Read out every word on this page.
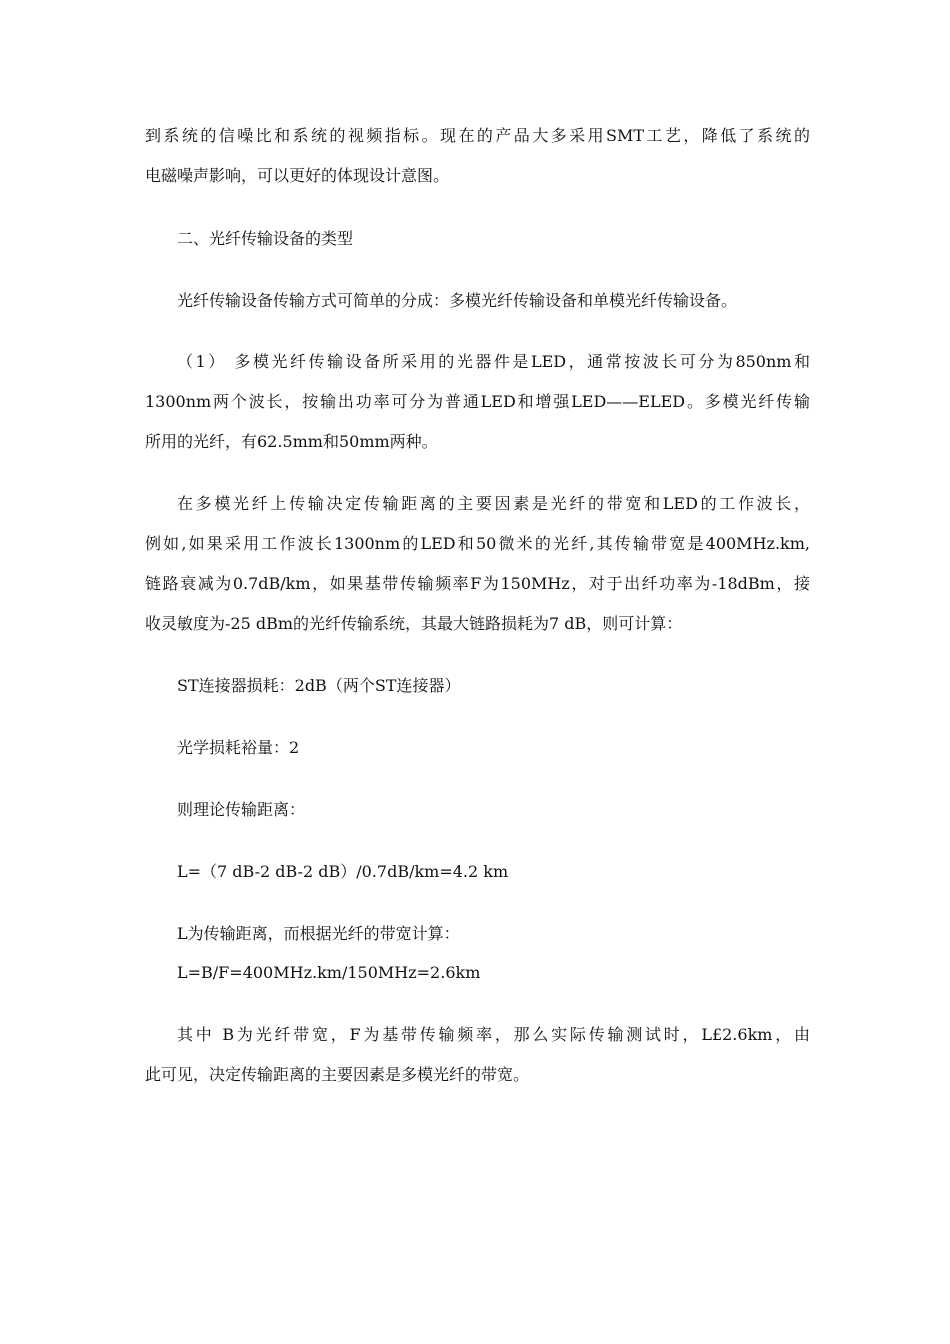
到系统的信噪比和系统的视频指标。现在的产品大多采用SMT工艺，降低了系统的
电磁噪声影响，可以更好的体现设计意图。
二、光纤传输设备的类型
光纤传输设备传输方式可简单的分成：多模光纤传输设备和单模光纤传输设备。
（1） 多模光纤传输设备所采用的光器件是LED，通常按波长可分为850nm和
1300nm两个波长，按输出功率可分为普通LED和增强LED——ELED。多模光纤传输
所用的光纤，有62.5mm和50mm两种。
在多模光纤上传输决定传输距离的主要因素是光纤的带宽和LED的工作波长，
例如,如果采用工作波长1300nm的LED和50微米的光纤,其传输带宽是400MHz.km,
链路衰减为0.7dB/km，如果基带传输频率F为150MHz，对于出纤功率为-18dBm，接
收灵敏度为-25 dBm的光纤传输系统，其最大链路损耗为7 dB，则可计算：
ST连接器损耗：2dB（两个ST连接器）
光学损耗裕量：2
则理论传输距离：
L=（7 dB-2 dB-2 dB）/0.7dB/km=4.2 km
L为传输距离，而根据光纤的带宽计算：
L=B/F=400MHz.km/150MHz=2.6km
其中 B为光纤带宽，F为基带传输频率，那么实际传输测试时，L£2.6km，由
此可见，决定传输距离的主要因素是多模光纤的带宽。
